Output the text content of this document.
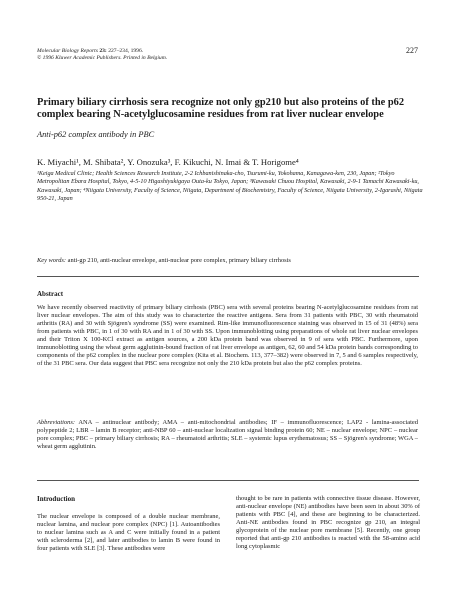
Molecular Biology Reports 23: 227–234, 1996.
© 1996 Kluwer Academic Publishers. Printed in Belgium.
227
Primary biliary cirrhosis sera recognize not only gp210 but also proteins of the p62 complex bearing N-acetylglucosamine residues from rat liver nuclear envelope
Anti-p62 complex antibody in PBC
K. Miyachi¹, M. Shibata², Y. Onozuka³, F. Kikuchi, N. Imai & T. Horigome⁴
¹Keiga Medical Clinic; Health Sciences Research Institute, 2-2 Ichbanishinaka-cho, Tsurumi-ku, Yokohama, Kanagawa-ken, 230, Japan; ²Tokyo Metropolitan Ebara Hospital, Tokyo, 4-5-10 Higashiyukigaya Outa-ku Tokyo, Japan; ³Kawasaki Chuou Hospital, Kawasaki, 2-9-1 Tamachi Kawasaki-ku, Kawasaki, Japan; ⁴Niigata University, Faculty of Science, Niigata, Department of Biochemistry, Faculty of Science, Niigata University, 2-Igarashi, Niigata 950-21, Japan
Key words: anti-gp 210, anti-nuclear envelope, anti-nuclear pore complex, primary biliary cirrhosis
Abstract

We have recently observed reactivity of primary biliary cirrhosis (PBC) sera with several proteins bearing N-acetylglucosamine residues from rat liver nuclear envelopes. The aim of this study was to characterize the reactive antigens. Sera from 31 patients with PBC, 30 with rheumatoid arthritis (RA) and 30 with Sjögren's syndrome (SS) were examined. Rim-like immunofluorescence staining was observed in 15 of 31 (48%) sera from patients with PBC, in 1 of 30 with RA and in 1 of 30 with SS. Upon immunoblotting using preparations of whole rat liver nuclear envelopes and their Triton X 100-KCl extract as antigen sources, a 200 kDa protein band was observed in 9 of sera with PBC. Furthermore, upon immunoblotting using the wheat germ agglutinin-bound fraction of rat liver envelope as antigen, 62, 60 and 54 kDa protein bands corresponding to components of the p62 complex in the nuclear pore complex (Kita et al. Biochem. 113, 377–382) were observed in 7, 5 and 6 samples respectively, of the 31 PBC sera. Our data suggest that PBC sera recognize not only the 210 kDa protein but also the p62 complex proteins.

Abbreviations: ANA – antinuclear antibody; AMA – anti-mitochondrial antibodies; IF – immunofluorescence; LAP2 - lamina-associated polypeptide 2; LBR – lamin B receptor; anti-NBP 60 – anti-nuclear localization signal binding protein 60; NE – nuclear envelope; NPC – nuclear pore complex; PBC – primary biliary cirrhosis; RA – rheumatoid arthritis; SLE – systemic lupus erythematosus; SS – Sjögren's syndrome; WGA – wheat germ agglutinin.

Introduction

The nuclear envelope is composed of a double nuclear membrane, nuclear lamina, and nuclear pore complex (NPC) [1]. Autoantibodies to nuclear lamina such as A and C were initially found in a patient with scleroderma [2], and later antibodies to lamin B were found in four patients with SLE [3]. These antibodies were

thought to be rare in patients with connective tissue disease. However, anti-nuclear envelope (NE) antibodies have been seen in about 30% of patients with PBC [4], and these are beginning to be characterized. Anti-NE antibodies found in PBC recognize gp 210, an integral glycoprotein of the nuclear pore membrane [5]. Recently, one group reported that anti-gp 210 antibodies is reacted with the 58-amino acid long cytoplasmic
